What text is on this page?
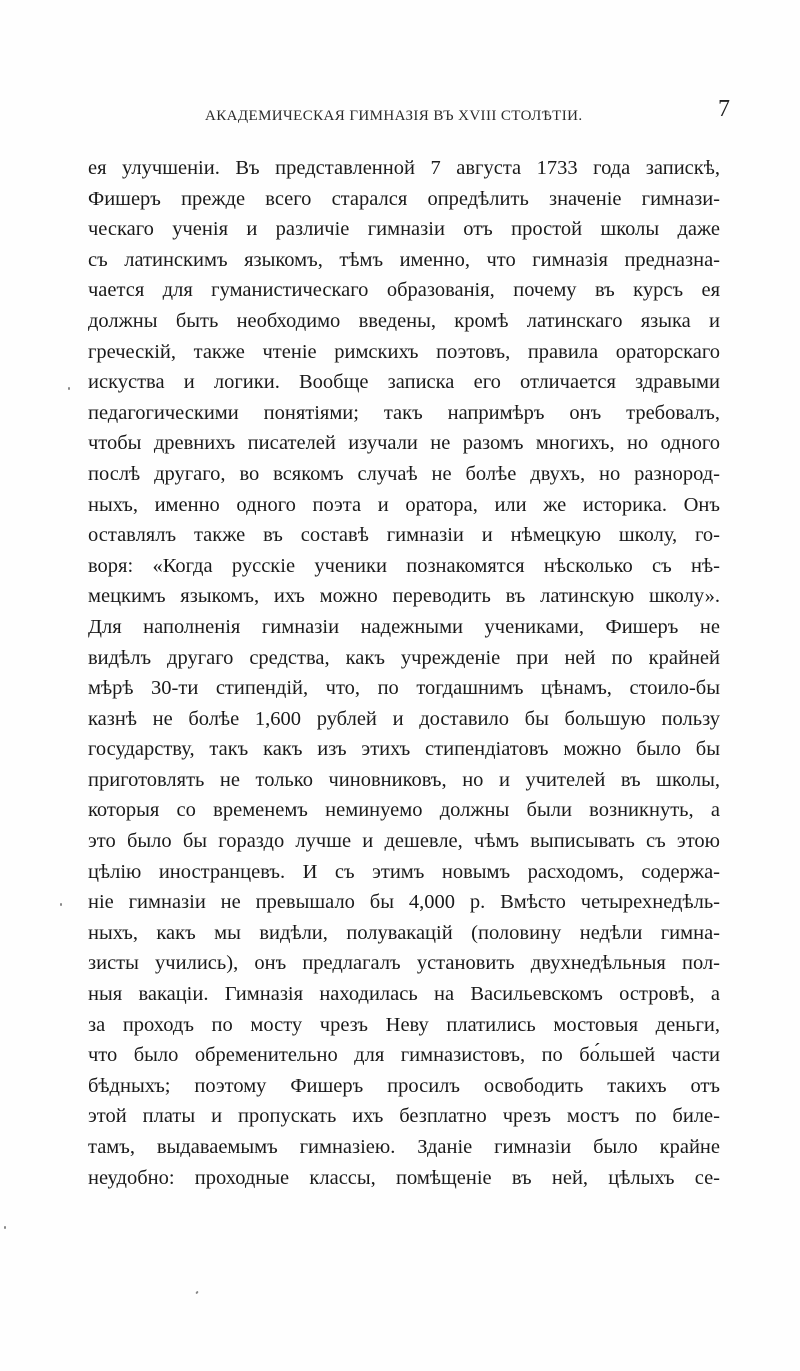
АКАДЕМИЧЕСКАЯ ГИМНАЗІЯ ВЪ XVIII СТОЛѢТІИ.	7
ея улучшеніи. Въ представленной 7 августа 1733 года запискѣ,
Фишеръ прежде всего старался опредѣлить значеніе гимнази-
ческаго ученія и различіе гимназіи отъ простой школы даже
съ латинскимъ языкомъ, тѣмъ именно, что гимназія предназна-
чается для гуманистическаго образованія, почему въ курсъ ея
должны быть необходимо введены, кромѣ латинскаго языка и
греческій, также чтеніе римскихъ поэтовъ, правила ораторскаго
искуства и логики. Вообще записка его отличается здравыми
педагогическими понятіями; такъ напримѣръ онъ требовалъ,
чтобы древнихъ писателей изучали не разомъ многихъ, но одного
послѣ другаго, во всякомъ случаѣ не болѣе двухъ, но разнород-
ныхъ, именно одного поэта и оратора, или же историка. Онъ
оставлялъ также въ составѣ гимназіи и нѣмецкую школу, го-
воря: «Когда русскіе ученики познакомятся нѣсколько съ нѣ-
мецкимъ языкомъ, ихъ можно переводить въ латинскую школу».
Для наполненія гимназіи надежными учениками, Фишеръ не
видѣлъ другаго средства, какъ учрежденіе при ней по крайней
мѣрѣ 30-ти стипендій, что, по тогдашнимъ цѣнамъ, стоило-бы
казнѣ не болѣе 1,600 рублей и доставило бы большую пользу
государству, такъ какъ изъ этихъ стипендіатовъ можно было бы
приготовлять не только чиновниковъ, но и учителей въ школы,
которыя со временемъ неминуемо должны были возникнуть, а
это было бы гораздо лучше и дешевле, чѣмъ выписывать съ этою
цѣлію иностранцевъ. И съ этимъ новымъ расходомъ, содержа-
ніе гимназіи не превышало бы 4,000 р. Вмѣсто четырехнедѣль-
ныхъ, какъ мы видѣли, полувакацій (половину недѣли гимна-
зисты учились), онъ предлагалъ установить двухнедѣльныя пол-
ныя вакаціи. Гимназія находилась на Васильевскомъ островѣ, а
за проходъ по мосту чрезъ Неву платились мостовыя деньги,
что было обременительно для гимназистовъ, по бо́льшей части
бѣдныхъ; поэтому Фишеръ просилъ освободить такихъ отъ
этой платы и пропускать ихъ безплатно чрезъ мостъ по биле-
тамъ, выдаваемымъ гимназіею. Зданіе гимназіи было крайне
неудобно: проходные классы, помѣщеніе въ ней, цѣлыхъ се-
